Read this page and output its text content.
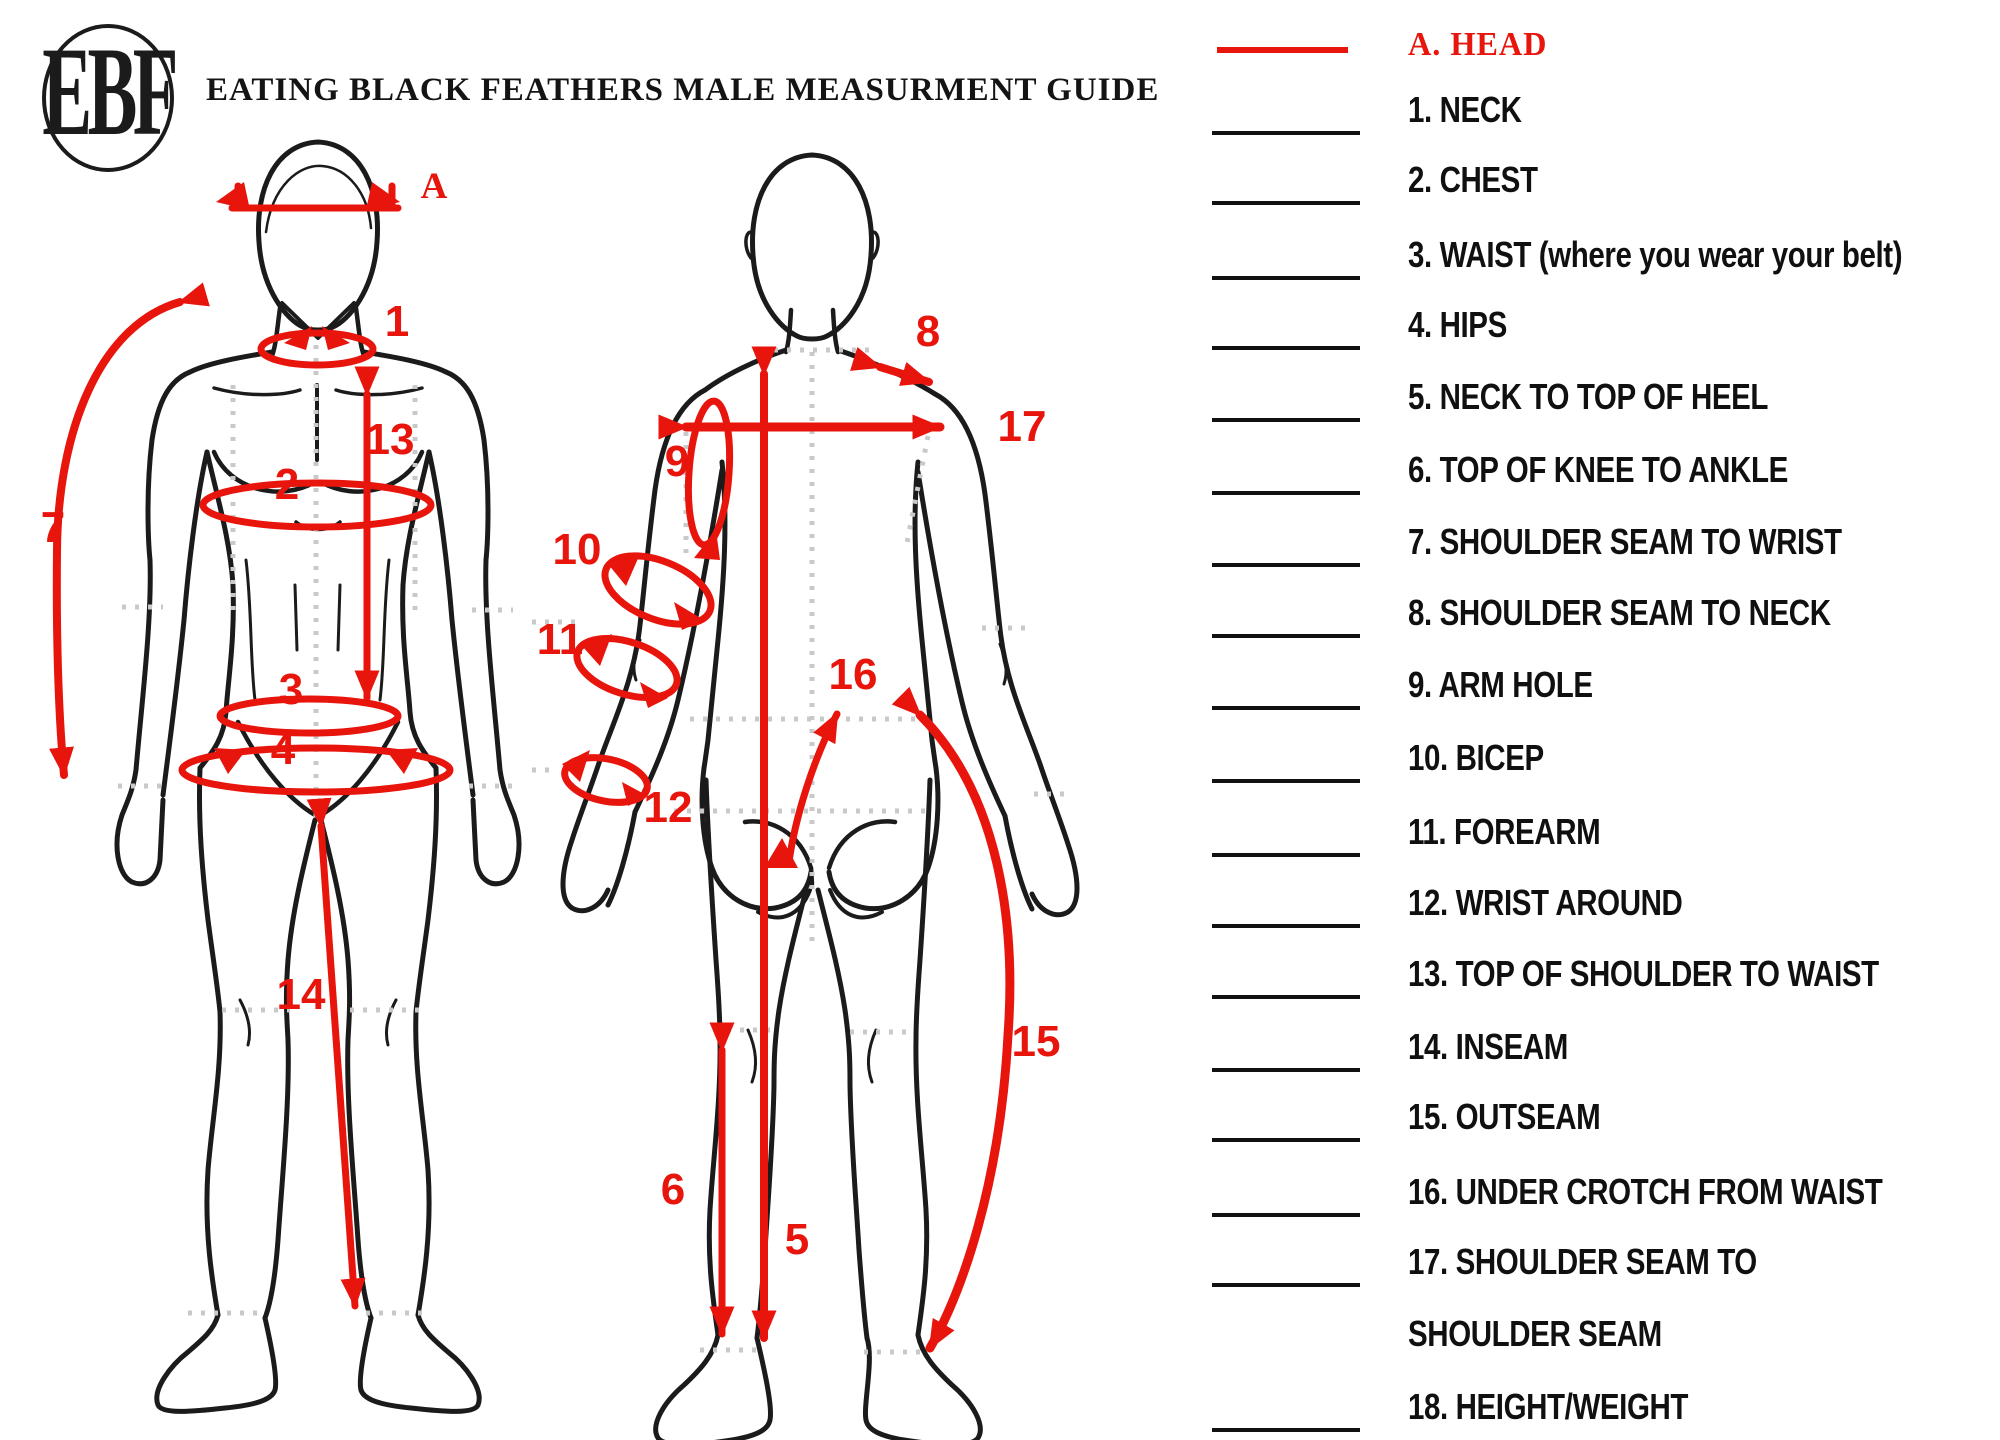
EBF EATING BLACK FEATHERS MALE MEASURMENT GUIDE
A
1
13
2
3
4
7
14
8
17
9
10
11
12
16
15
6
5
A. HEAD
1. NECK
2. CHEST
3. WAIST (where you wear your belt)
4. HIPS
5. NECK TO TOP OF HEEL
6. TOP OF KNEE TO ANKLE
7. SHOULDER SEAM TO WRIST
8. SHOULDER SEAM TO NECK
9. ARM HOLE
10. BICEP
11. FOREARM
12. WRIST AROUND
13. TOP OF SHOULDER TO WAIST
14. INSEAM
15. OUTSEAM
16. UNDER CROTCH FROM WAIST
17. SHOULDER SEAM TO
SHOULDER SEAM
18. HEIGHT/WEIGHT
